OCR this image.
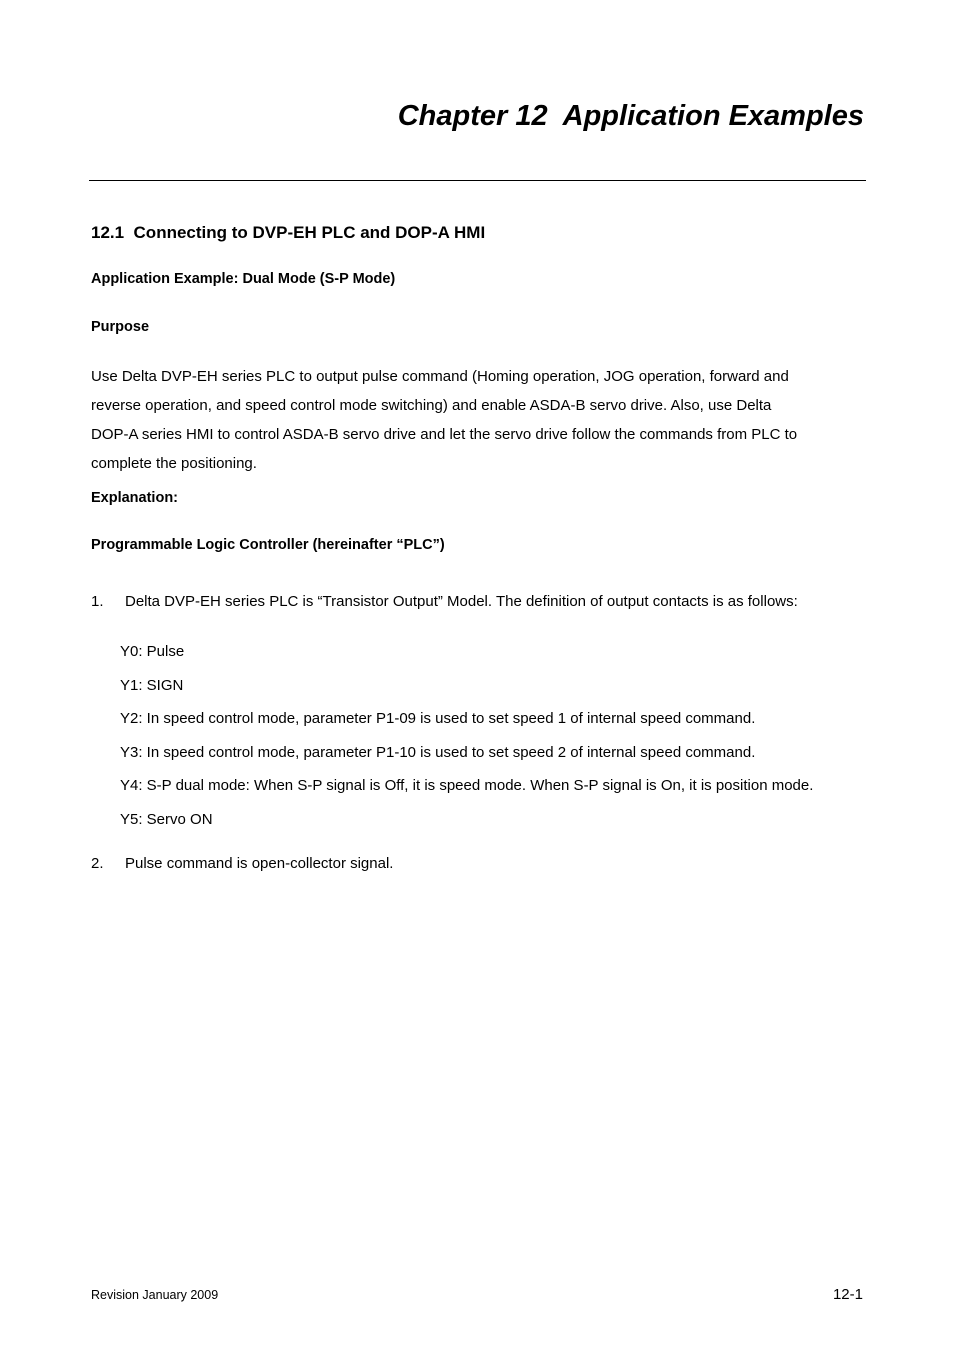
Chapter 12  Application Examples
12.1  Connecting to DVP-EH PLC and DOP-A HMI

Application Example: Dual Mode (S-P Mode)

Purpose

Use Delta DVP-EH series PLC to output pulse command (Homing operation, JOG operation, forward and
reverse operation, and speed control mode switching) and enable ASDA-B servo drive. Also, use Delta
DOP-A series HMI to control ASDA-B servo drive and let the servo drive follow the commands from PLC to
complete the positioning.

Explanation:

Programmable Logic Controller (hereinafter “PLC”)

1. Delta DVP-EH series PLC is “Transistor Output” Model. The definition of output contacts is as follows:

Y0: Pulse
Y1: SIGN
Y2: In speed control mode, parameter P1-09 is used to set speed 1 of internal speed command.
Y3: In speed control mode, parameter P1-10 is used to set speed 2 of internal speed command.
Y4: S-P dual mode: When S-P signal is Off, it is speed mode. When S-P signal is On, it is position mode.
Y5: Servo ON

2. Pulse command is open-collector signal.

Revision January 2009	12-1
